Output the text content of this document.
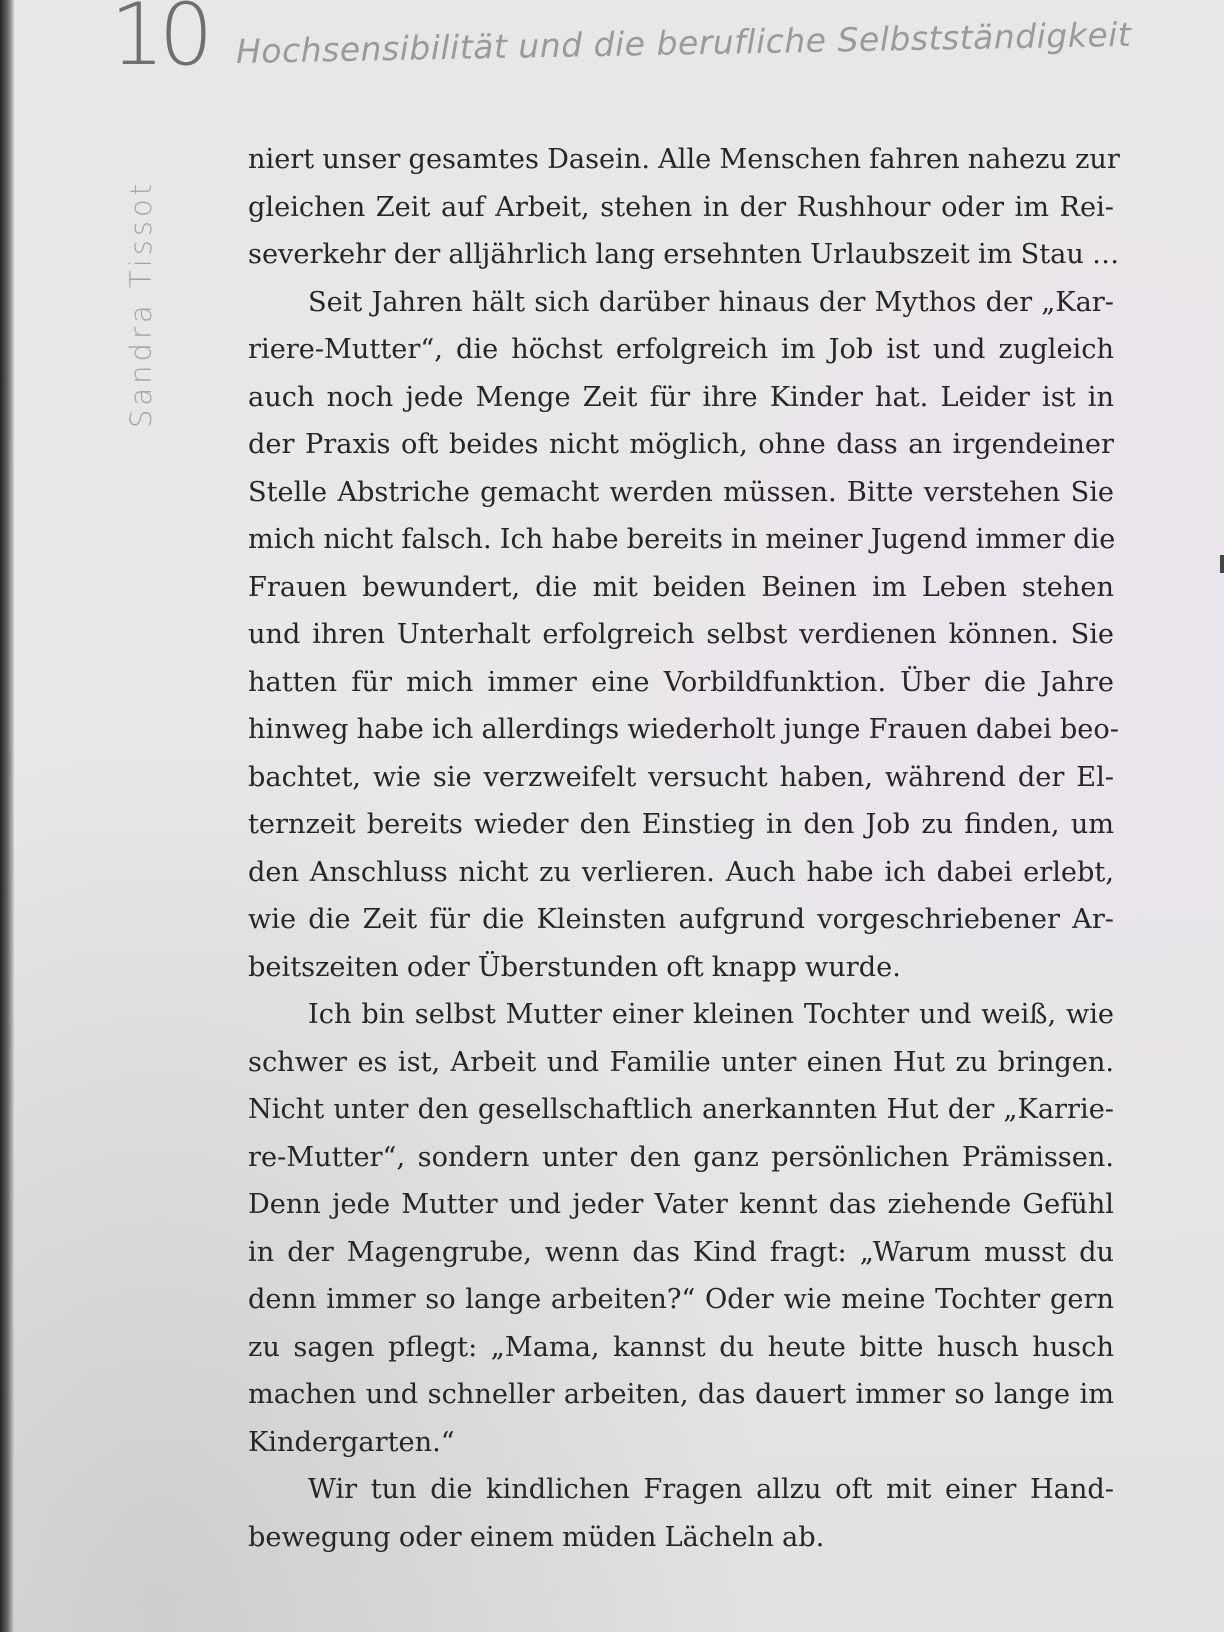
10 Hochsensibilität und die berufliche Selbstständigkeit
Sandra Tissot
niert unser gesamtes Dasein. Alle Menschen fahren nahezu zur
gleichen Zeit auf Arbeit, stehen in der Rushhour oder im Rei-
severkehr der alljährlich lang ersehnten Urlaubszeit im Stau …
Seit Jahren hält sich darüber hinaus der Mythos der „Kar-
riere-Mutter“, die höchst erfolgreich im Job ist und zugleich
auch noch jede Menge Zeit für ihre Kinder hat. Leider ist in
der Praxis oft beides nicht möglich, ohne dass an irgendeiner
Stelle Abstriche gemacht werden müssen. Bitte verstehen Sie
mich nicht falsch. Ich habe bereits in meiner Jugend immer die
Frauen bewundert, die mit beiden Beinen im Leben stehen
und ihren Unterhalt erfolgreich selbst verdienen können. Sie
hatten für mich immer eine Vorbildfunktion. Über die Jahre
hinweg habe ich allerdings wiederholt junge Frauen dabei beo-
bachtet, wie sie verzweifelt versucht haben, während der El-
ternzeit bereits wieder den Einstieg in den Job zu finden, um
den Anschluss nicht zu verlieren. Auch habe ich dabei erlebt,
wie die Zeit für die Kleinsten aufgrund vorgeschriebener Ar-
beitszeiten oder Überstunden oft knapp wurde.
Ich bin selbst Mutter einer kleinen Tochter und weiß, wie
schwer es ist, Arbeit und Familie unter einen Hut zu bringen.
Nicht unter den gesellschaftlich anerkannten Hut der „Karrie-
re-Mutter“, sondern unter den ganz persönlichen Prämissen.
Denn jede Mutter und jeder Vater kennt das ziehende Gefühl
in der Magengrube, wenn das Kind fragt: „Warum musst du
denn immer so lange arbeiten?“ Oder wie meine Tochter gern
zu sagen pflegt: „Mama, kannst du heute bitte husch husch
machen und schneller arbeiten, das dauert immer so lange im
Kindergarten.“
Wir tun die kindlichen Fragen allzu oft mit einer Hand-
bewegung oder einem müden Lächeln ab.
